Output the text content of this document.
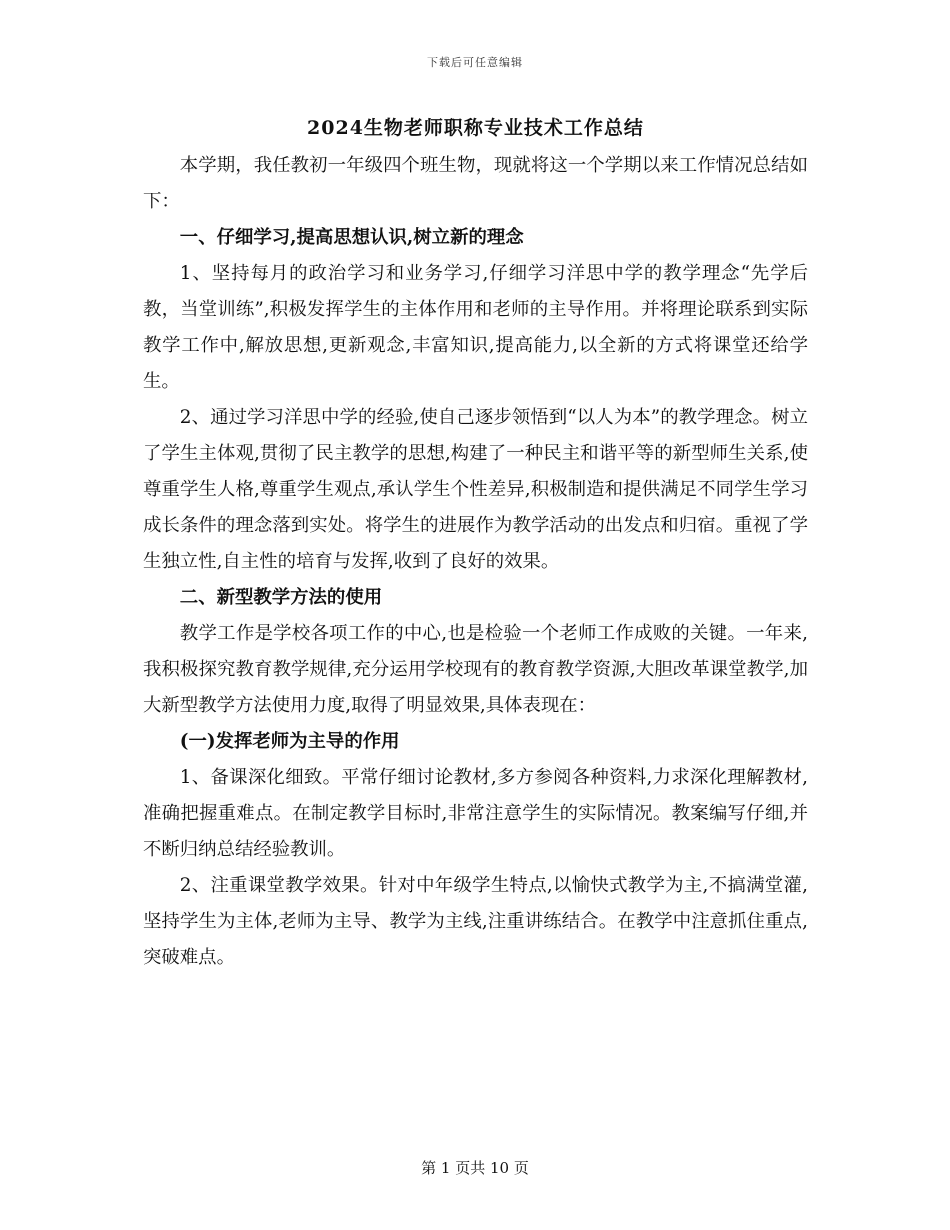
下载后可任意编辑
2024生物老师职称专业技术工作总结

本学期，我任教初一年级四个班生物，现就将这一个学期以来工作情况总结如下：

一、仔细学习,提高思想认识,树立新的理念

1、坚持每月的政治学习和业务学习,仔细学习洋思中学的教学理念“先学后教，当堂训练”,积极发挥学生的主体作用和老师的主导作用。并将理论联系到实际教学工作中,解放思想,更新观念,丰富知识,提高能力,以全新的方式将课堂还给学生。

2、通过学习洋思中学的经验,使自己逐步领悟到“以人为本”的教学理念。树立了学生主体观,贯彻了民主教学的思想,构建了一种民主和谐平等的新型师生关系,使尊重学生人格,尊重学生观点,承认学生个性差异,积极制造和提供满足不同学生学习成长条件的理念落到实处。将学生的进展作为教学活动的出发点和归宿。重视了学生独立性,自主性的培育与发挥,收到了良好的效果。

二、新型教学方法的使用

教学工作是学校各项工作的中心,也是检验一个老师工作成败的关键。一年来,我积极探究教育教学规律,充分运用学校现有的教育教学资源,大胆改革课堂教学,加大新型教学方法使用力度,取得了明显效果,具体表现在：

(一)发挥老师为主导的作用

1、备课深化细致。平常仔细讨论教材,多方参阅各种资料,力求深化理解教材,准确把握重难点。在制定教学目标时,非常注意学生的实际情况。教案编写仔细,并不断归纳总结经验教训。

2、注重课堂教学效果。针对中年级学生特点,以愉快式教学为主,不搞满堂灌,坚持学生为主体,老师为主导、教学为主线,注重讲练结合。在教学中注意抓住重点,突破难点。

第 1 页共 10 页
